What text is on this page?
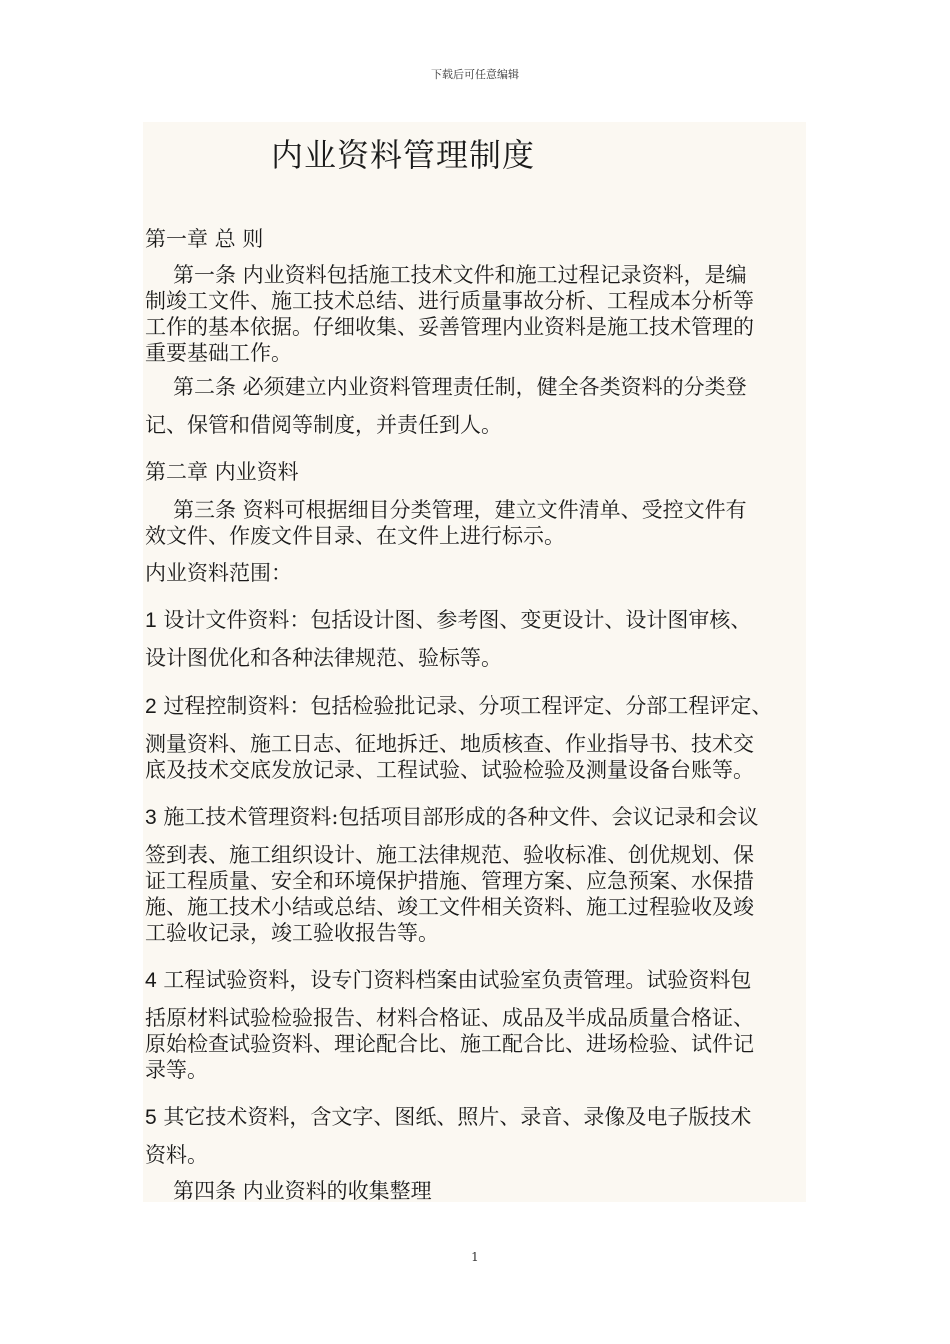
下载后可任意编辑
内业资料管理制度
第一章 总 则
第一条 内业资料包括施工技术文件和施工过程记录资料，是编
制竣工文件、施工技术总结、进行质量事故分析、工程成本分析等
工作的基本依据。仔细收集、妥善管理内业资料是施工技术管理的
重要基础工作。
第二条 必须建立内业资料管理责任制，健全各类资料的分类登
记、保管和借阅等制度，并责任到人。
第二章 内业资料
第三条 资料可根据细目分类管理，建立文件清单、受控文件有
效文件、作废文件目录、在文件上进行标示。
内业资料范围：
1 设计文件资料：包括设计图、参考图、变更设计、设计图审核、
设计图优化和各种法律规范、验标等。
2 过程控制资料：包括检验批记录、分项工程评定、分部工程评定、
测量资料、施工日志、征地拆迁、地质核查、作业指导书、技术交
底及技术交底发放记录、工程试验、试验检验及测量设备台账等。
3 施工技术管理资料:包括项目部形成的各种文件、会议记录和会议
签到表、施工组织设计、施工法律规范、验收标准、创优规划、保
证工程质量、安全和环境保护措施、管理方案、应急预案、水保措
施、施工技术小结或总结、竣工文件相关资料、施工过程验收及竣
工验收记录，竣工验收报告等。
4 工程试验资料，设专门资料档案由试验室负责管理。试验资料包
括原材料试验检验报告、材料合格证、成品及半成品质量合格证、
原始检查试验资料、理论配合比、施工配合比、进场检验、试件记
录等。
5 其它技术资料，含文字、图纸、照片、录音、录像及电子版技术
资料。
第四条 内业资料的收集整理
1
